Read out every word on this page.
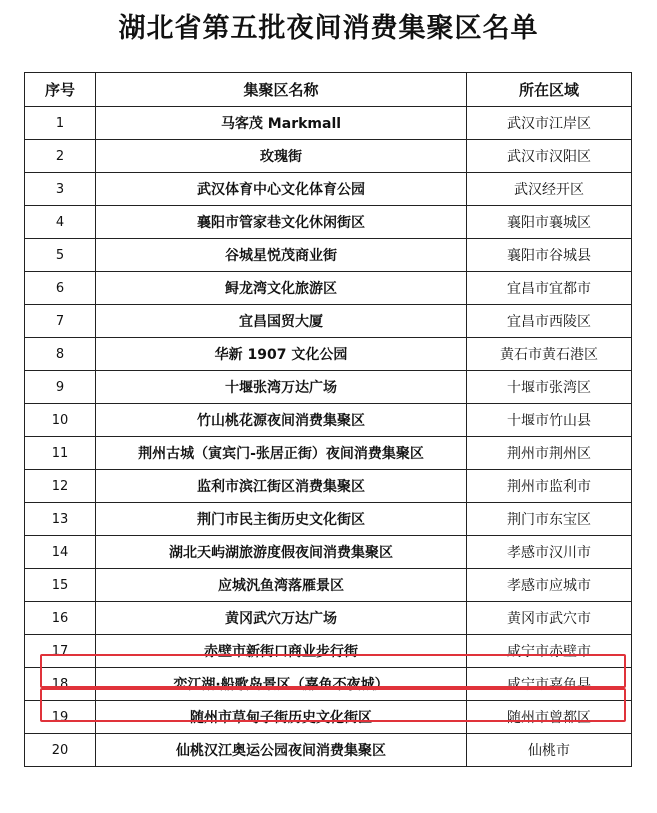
湖北省第五批夜间消费集聚区名单
序号	集聚区名称	所在区域
1	马客茂 Markmall	武汉市江岸区
2	玫瑰街	武汉市汉阳区
3	武汉体育中心文化体育公园	武汉经开区
4	襄阳市管家巷文化休闲街区	襄阳市襄城区
5	谷城星悦茂商业街	襄阳市谷城县
6	鲟龙湾文化旅游区	宜昌市宜都市
7	宜昌国贸大厦	宜昌市西陵区
8	华新 1907 文化公园	黄石市黄石港区
9	十堰张湾万达广场	十堰市张湾区
10	竹山桃花源夜间消费集聚区	十堰市竹山县
11	荆州古城（寅宾门-张居正街）夜间消费集聚区	荆州市荆州区
12	监利市滨江街区消费集聚区	荆州市监利市
13	荆门市民主街历史文化街区	荆门市东宝区
14	湖北天屿湖旅游度假夜间消费集聚区	孝感市汉川市
15	应城汎鱼湾落雁景区	孝感市应城市
16	黄冈武穴万达广场	黄冈市武穴市
17	赤壁市新街口商业步行街	咸宁市赤壁市
18	恋江湖·船歌岛景区（嘉鱼不夜城）	咸宁市嘉鱼县
19	随州市草甸子街历史文化街区	随州市曾都区
20	仙桃汉江奥运公园夜间消费集聚区	仙桃市
